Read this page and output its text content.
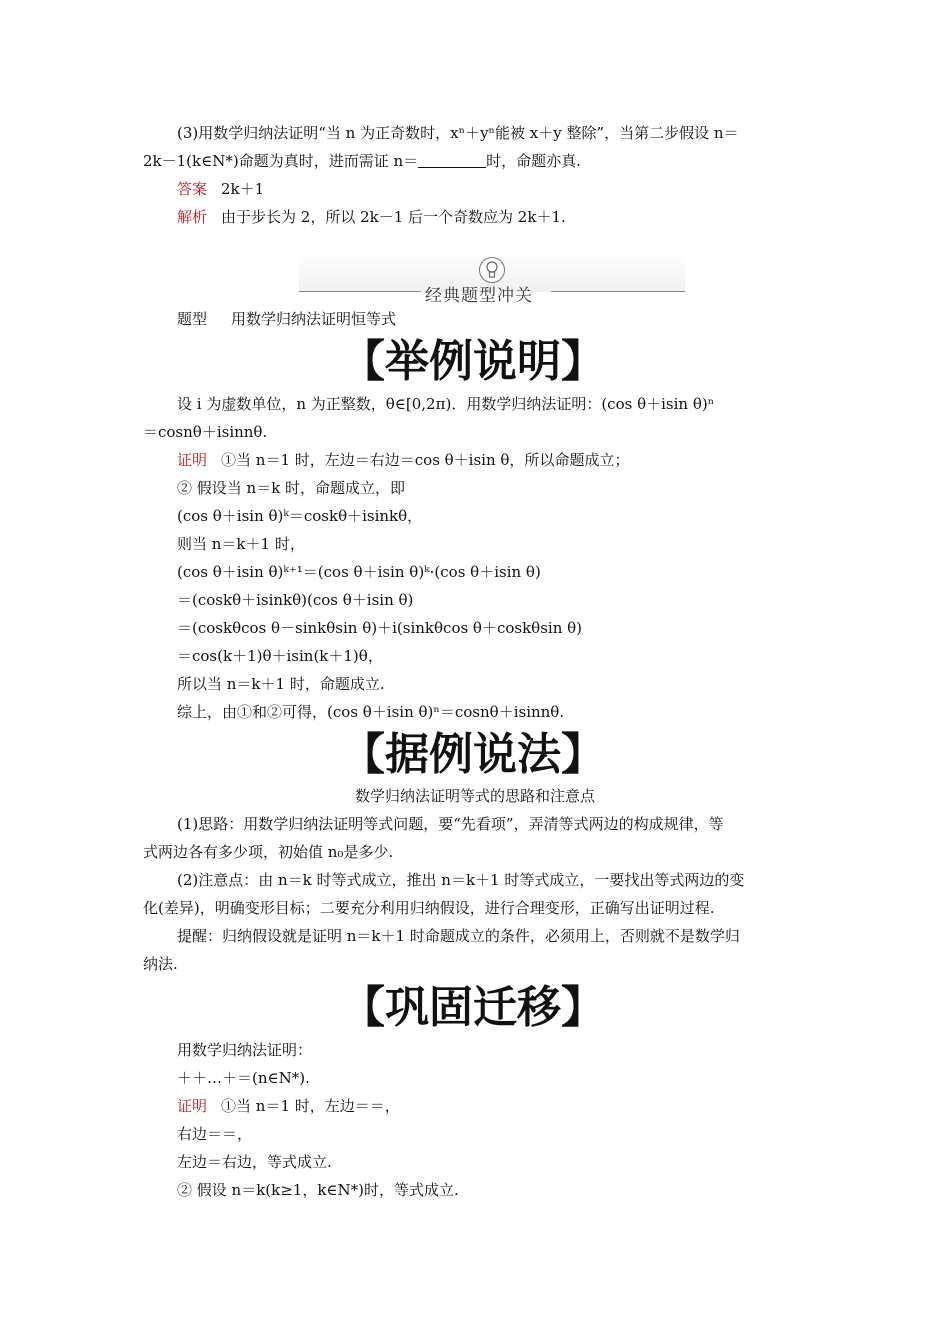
(3)用数学归纳法证明“当 n 为正奇数时，xⁿ＋yⁿ能被 x＋y 整除”，当第二步假设 n＝
2k－1(k∈N*)命题为真时，进而需证 n＝	时，命题亦真.
答案 2k＋1
解析 由于步长为 2，所以 2k－1 后一个奇数应为 2k＋1.
经典题型冲关
题型 用数学归纳法证明恒等式
【举例说明】
设 i 为虚数单位，n 为正整数，θ∈[0,2π)．用数学归纳法证明：(cos θ＋isin θ)ⁿ
＝cosnθ＋isinnθ.
证明 ①当 n＝1 时，左边＝右边＝cos θ＋isin θ，所以命题成立；
② 假设当 n＝k 时，命题成立，即
(cos θ＋isin θ)ᵏ＝coskθ＋isinkθ，
则当 n＝k＋1 时，
(cos θ＋isin θ)ᵏ⁺¹＝(cos θ＋isin θ)ᵏ·(cos θ＋isin θ)
＝(coskθ＋isinkθ)(cos θ＋isin θ)
＝(coskθcos θ－sinkθsin θ)＋i(sinkθcos θ＋coskθsin θ)
＝cos(k＋1)θ＋isin(k＋1)θ，
所以当 n＝k＋1 时，命题成立.
综上，由①和②可得，(cos θ＋isin θ)ⁿ＝cosnθ＋isinnθ.
【据例说法】
数学归纳法证明等式的思路和注意点
(1)思路：用数学归纳法证明等式问题，要“先看项”，弄清等式两边的构成规律，等
式两边各有多少项，初始值 n₀是多少.
(2)注意点：由 n＝k 时等式成立，推出 n＝k＋1 时等式成立，一要找出等式两边的变
化(差异)，明确变形目标；二要充分利用归纳假设，进行合理变形，正确写出证明过程.
提醒：归纳假设就是证明 n＝k＋1 时命题成立的条件，必须用上，否则就不是数学归
纳法.
【巩固迁移】
用数学归纳法证明：
＋＋…＋＝(n∈N*).
证明 ①当 n＝1 时，左边＝＝，
右边＝＝，
左边＝右边，等式成立.
② 假设 n＝k(k≥1，k∈N*)时，等式成立.
